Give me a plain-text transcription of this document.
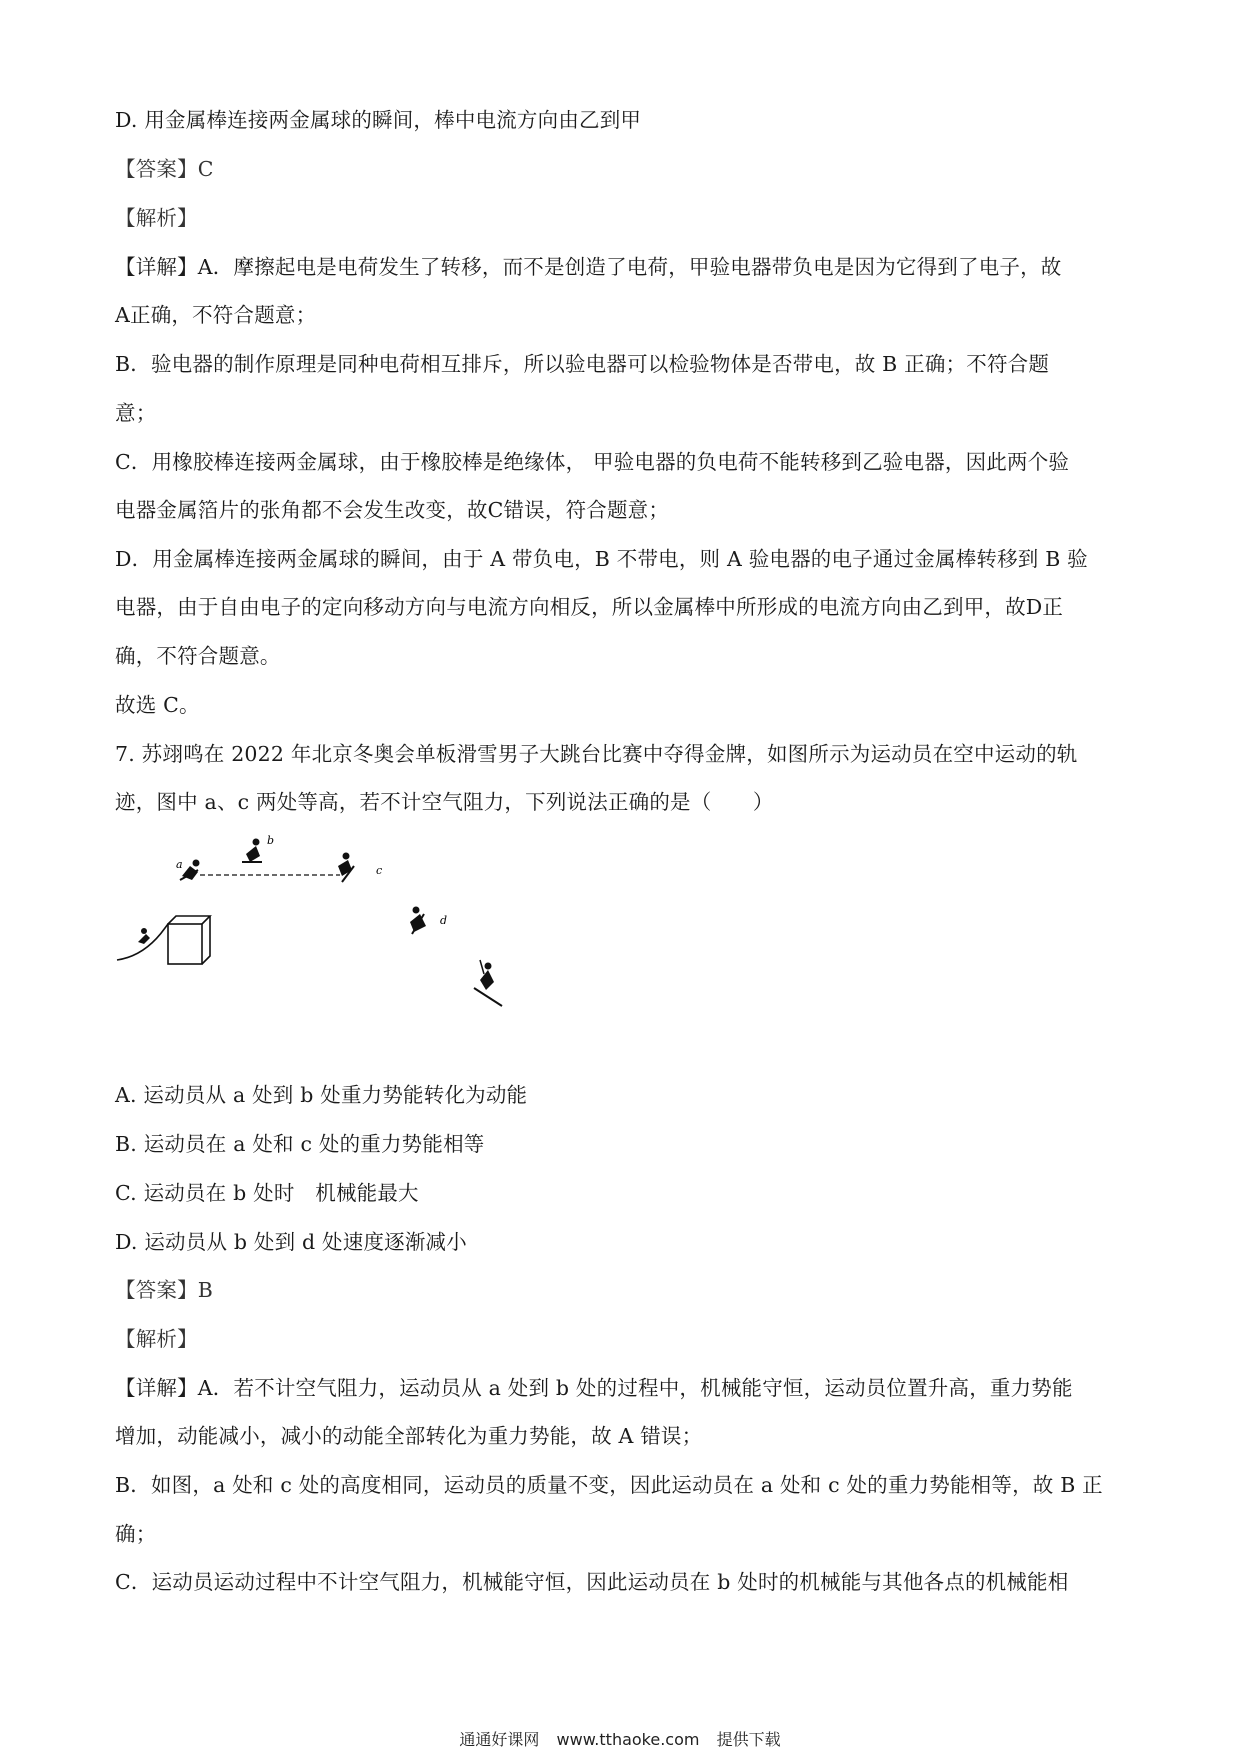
D. 用金属棒连接两金属球的瞬间，棒中电流方向由乙到甲
【答案】C
【解析】
【详解】A．摩擦起电是电荷发生了转移，而不是创造了电荷，甲验电器带负电是因为它得到了电子，故
A正确，不符合题意；
B．验电器的制作原理是同种电荷相互排斥，所以验电器可以检验物体是否带电，故 B 正确；不符合题
意；
C．用橡胶棒连接两金属球，由于橡胶棒是绝缘体， 甲验电器的负电荷不能转移到乙验电器，因此两个验
电器金属箔片的张角都不会发生改变，故C错误，符合题意；
D．用金属棒连接两金属球的瞬间，由于 A 带负电，B 不带电，则 A 验电器的电子通过金属棒转移到 B 验
电器，由于自由电子的定向移动方向与电流方向相反，所以金属棒中所形成的电流方向由乙到甲，故D正
确，不符合题意。
故选 C。
7. 苏翊鸣在 2022 年北京冬奥会单板滑雪男子大跳台比赛中夺得金牌，如图所示为运动员在空中运动的轨
迹，图中 a、c 两处等高，若不计空气阻力，下列说法正确的是（　　）
a
b
c
d
A. 运动员从 a 处到 b 处重力势能转化为动能
B. 运动员在 a 处和 c 处的重力势能相等
C. 运动员在 b 处时　机械能最大
D. 运动员从 b 处到 d 处速度逐渐减小
【答案】B
【解析】
【详解】A．若不计空气阻力，运动员从 a 处到 b 处的过程中，机械能守恒，运动员位置升高，重力势能
增加，动能减小，减小的动能全部转化为重力势能，故 A 错误；
B．如图，a 处和 c 处的高度相同，运动员的质量不变，因此运动员在 a 处和 c 处的重力势能相等，故 B 正
确；
C．运动员运动过程中不计空气阻力，机械能守恒，因此运动员在 b 处时的机械能与其他各点的机械能相
通通好课网 www.tthaoke.com 提供下载
